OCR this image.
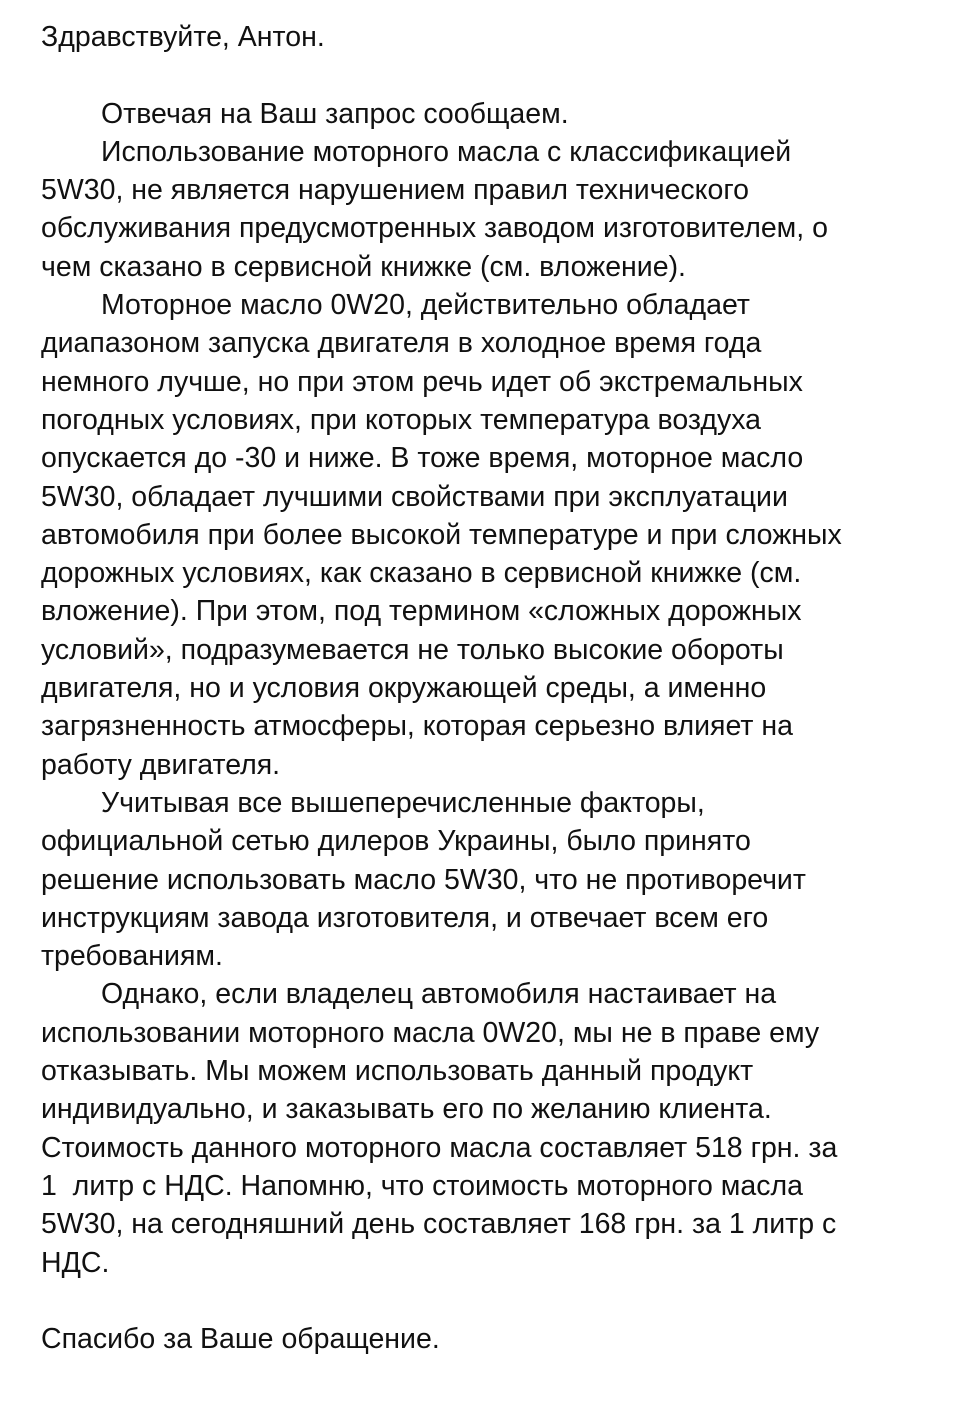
Здравствуйте, Антон.
Отвечая на Ваш запрос сообщаем.
Использование моторного масла с классификацией
5W30, не является нарушением правил технического
обслуживания предусмотренных заводом изготовителем, о
чем сказано в сервисной книжке (см. вложение).
Моторное масло 0W20, действительно обладает
диапазоном запуска двигателя в холодное время года
немного лучше, но при этом речь идет об экстремальных
погодных условиях, при которых температура воздуха
опускается до -30 и ниже. В тоже время, моторное масло
5W30, обладает лучшими свойствами при эксплуатации
автомобиля при более высокой температуре и при сложных
дорожных условиях, как сказано в сервисной книжке (см.
вложение). При этом, под термином «сложных дорожных
условий», подразумевается не только высокие обороты
двигателя, но и условия окружающей среды, а именно
загрязненность атмосферы, которая серьезно влияет на
работу двигателя.
Учитывая все вышеперечисленные факторы,
официальной сетью дилеров Украины, было принято
решение использовать масло 5W30, что не противоречит
инструкциям завода изготовителя, и отвечает всем его
требованиям.
Однако, если владелец автомобиля настаивает на
использовании моторного масла 0W20, мы не в праве ему
отказывать. Мы можем использовать данный продукт
индивидуально, и заказывать его по желанию клиента.
Стоимость данного моторного масла составляет 518 грн. за
1  литр с НДС. Напомню, что стоимость моторного масла
5W30, на сегодняшний день составляет 168 грн. за 1 литр с
НДС.
Спасибо за Ваше обращение.
